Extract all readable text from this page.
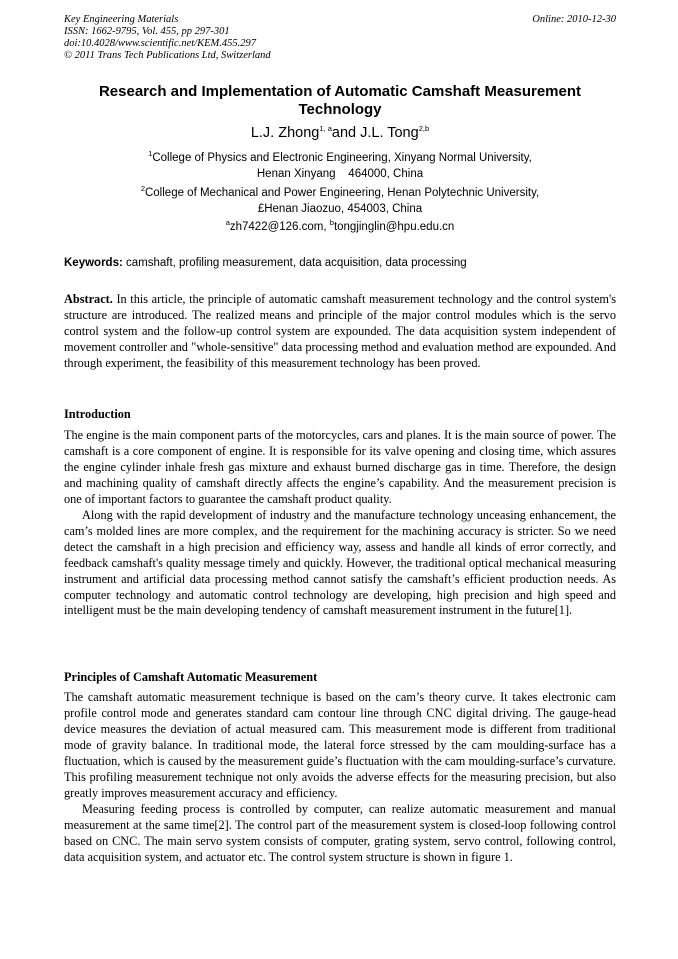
Key Engineering Materials
ISSN: 1662-9795, Vol. 455, pp 297-301
doi:10.4028/www.scientific.net/KEM.455.297
© 2011 Trans Tech Publications Ltd, Switzerland
Online: 2010-12-30
Research and Implementation of Automatic Camshaft Measurement Technology
L.J. Zhong$^{1, a}$and J.L. Tong$^{2,b}$
$^1$College of Physics and Electronic Engineering, Xinyang Normal University,
Henan Xinyang    464000, China
$^2$College of Mechanical and Power Engineering, Henan Polytechnic University,
£Henan Jiaozuo, 454003, China
$^a$zh7422@126.com, $^b$tongjinglin@hpu.edu.cn
Keywords: camshaft, profiling measurement, data acquisition, data processing
Abstract. In this article, the principle of automatic camshaft measurement technology and the control system's structure are introduced. The realized means and principle of the major control modules which is the servo control system and the follow-up control system are expounded. The data acquisition system independent of movement controller and "whole-sensitive" data processing method and evaluation method are expounded. And through experiment, the feasibility of this measurement technology has been proved.
Introduction

The engine is the main component parts of the motorcycles, cars and planes. It is the main source of power. The camshaft is a core component of engine. It is responsible for its valve opening and closing time, which assures the engine cylinder inhale fresh gas mixture and exhaust burned discharge gas in time. Therefore, the design and machining quality of camshaft directly affects the engine’s capability. And the measurement precision is one of important factors to guarantee the camshaft product quality.

Along with the rapid development of industry and the manufacture technology unceasing enhancement, the cam’s molded lines are more complex, and the requirement for the machining accuracy is stricter. So we need detect the camshaft in a high precision and efficiency way, assess and handle all kinds of error correctly, and feedback camshaft's quality message timely and quickly. However, the traditional optical mechanical measuring instrument and artificial data processing method cannot satisfy the camshaft’s efficient production needs. As computer technology and automatic control technology are developing, high precision and high speed and intelligent must be the main developing tendency of camshaft measurement instrument in the future[1].

Principles of Camshaft Automatic Measurement

The camshaft automatic measurement technique is based on the cam’s theory curve. It takes electronic cam profile control mode and generates standard cam contour line through CNC digital driving. The gauge-head device measures the deviation of actual measured cam. This measurement mode is different from traditional mode of gravity balance. In traditional mode, the lateral force stressed by the cam moulding-surface has a fluctuation, which is caused by the measurement guide’s fluctuation with the cam moulding-surface’s curvature. This profiling measurement technique not only avoids the adverse effects for the measuring precision, but also greatly improves measurement accuracy and efficiency.

Measuring feeding process is controlled by computer, can realize automatic measurement and manual measurement at the same time[2]. The control part of the measurement system is closed-loop following control based on CNC. The main servo system consists of computer, grating system, servo control, following control, data acquisition system, and actuator etc. The control system structure is shown in figure 1.
